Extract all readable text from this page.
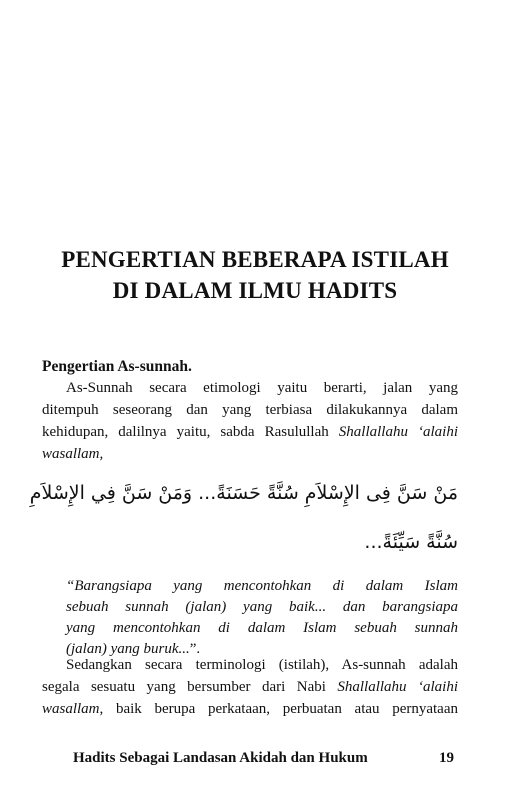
PENGERTIAN BEBERAPA ISTILAH
DI DALAM ILMU HADITS
Pengertian As-sunnah.
As-Sunnah secara etimologi yaitu berarti, jalan yang
ditempuh seseorang dan yang terbiasa dilakukannya dalam
kehidupan, dalilnya yaitu, sabda Rasulullah Shallallahu ‘alaihi
wasallam,
مَنْ سَنَّ فِى الإِسْلاَمِ سُنَّةً حَسَنَةً... وَمَنْ سَنَّ فِي الإِسْلاَمِ
سُنَّةً سَيِّئَةً...
“Barangsiapa yang mencontohkan di dalam Islam
sebuah sunnah (jalan) yang baik... dan barangsiapa
yang mencontohkan di dalam Islam sebuah sunnah
(jalan) yang buruk...”.
Sedangkan secara terminologi (istilah), As-sunnah adalah
segala sesuatu yang bersumber dari Nabi Shallallahu ‘alaihi
wasallam, baik berupa perkataan, perbuatan atau pernyataan
Hadits Sebagai Landasan Akidah dan Hukum	19
